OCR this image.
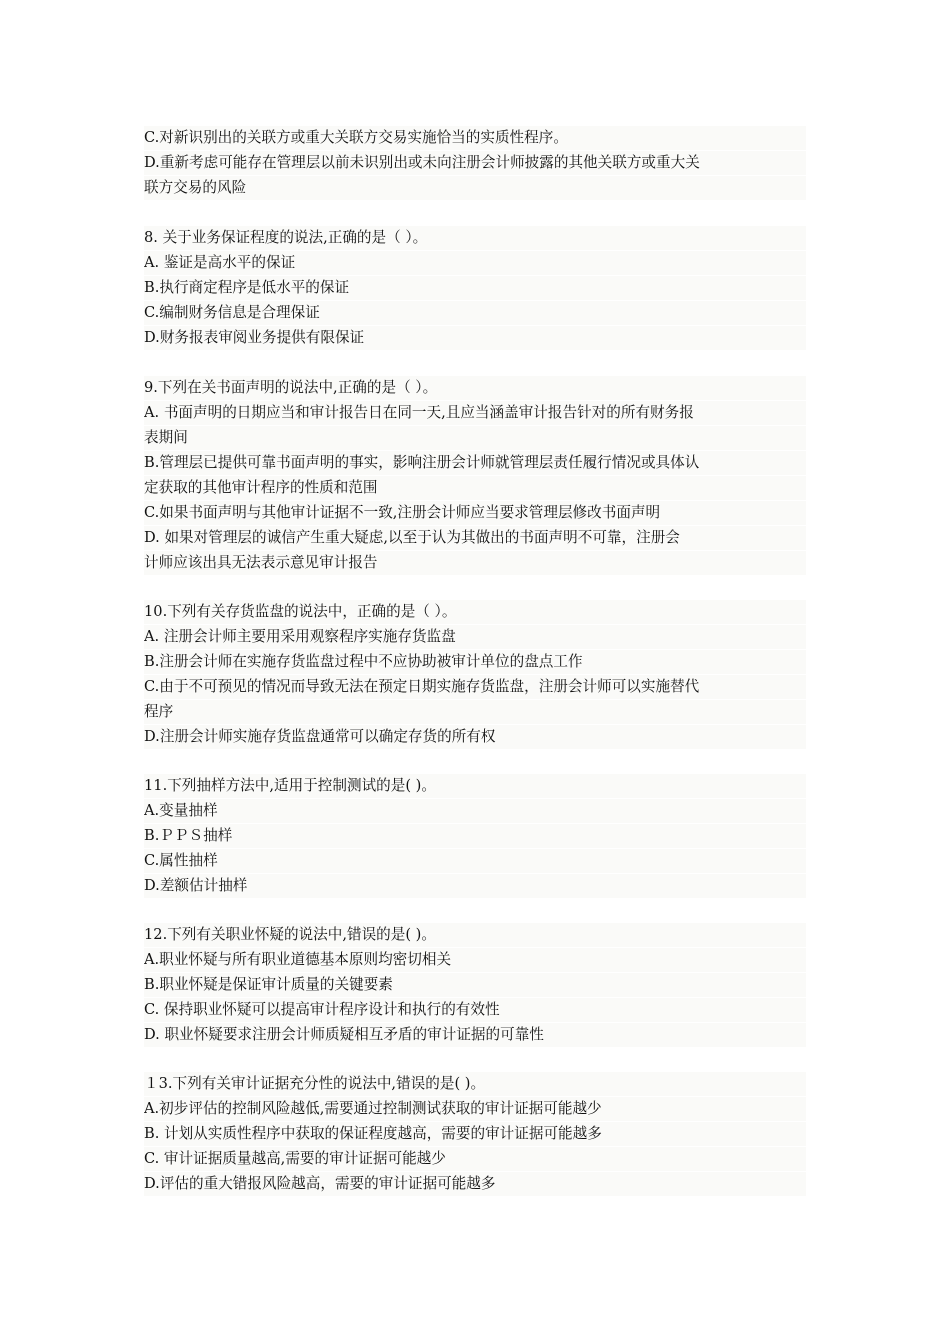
C.对新识别出的关联方或重大关联方交易实施恰当的实质性程序。
D.重新考虑可能存在管理层以前未识别出或未向注册会计师披露的其他关联方或重大关
联方交易的风险
8. 关于业务保证程度的说法,正确的是（ ）。
A. 鉴证是高水平的保证
B.执行商定程序是低水平的保证
C.编制财务信息是合理保证
D.财务报表审阅业务提供有限保证
9.下列在关书面声明的说法中,正确的是（ ）。
A. 书面声明的日期应当和审计报告日在同一天,且应当涵盖审计报告针对的所有财务报
表期间
B.管理层已提供可靠书面声明的事实，影响注册会计师就管理层责任履行情况或具体认
定获取的其他审计程序的性质和范围
C.如果书面声明与其他审计证据不一致,注册会计师应当要求管理层修改书面声明
D. 如果对管理层的诚信产生重大疑虑,以至于认为其做出的书面声明不可靠，注册会
计师应该出具无法表示意见审计报告
10.下列有关存货监盘的说法中，正确的是（ ）。
A. 注册会计师主要用采用观察程序实施存货监盘
B.注册会计师在实施存货监盘过程中不应协助被审计单位的盘点工作
C.由于不可预见的情况而导致无法在预定日期实施存货监盘，注册会计师可以实施替代
程序
D.注册会计师实施存货监盘通常可以确定存货的所有权
11.下列抽样方法中,适用于控制测试的是( )。
A.变量抽样
B.ＰＰＳ抽样
C.属性抽样
D.差额估计抽样
12.下列有关职业怀疑的说法中,错误的是( )。
A.职业怀疑与所有职业道德基本原则均密切相关
B.职业怀疑是保证审计质量的关键要素
C. 保持职业怀疑可以提高审计程序设计和执行的有效性
D. 职业怀疑要求注册会计师质疑相互矛盾的审计证据的可靠性
１3.下列有关审计证据充分性的说法中,错误的是( )。
A.初步评估的控制风险越低,需要通过控制测试获取的审计证据可能越少
B. 计划从实质性程序中获取的保证程度越高，需要的审计证据可能越多
C. 审计证据质量越高,需要的审计证据可能越少
D.评估的重大错报风险越高，需要的审计证据可能越多
